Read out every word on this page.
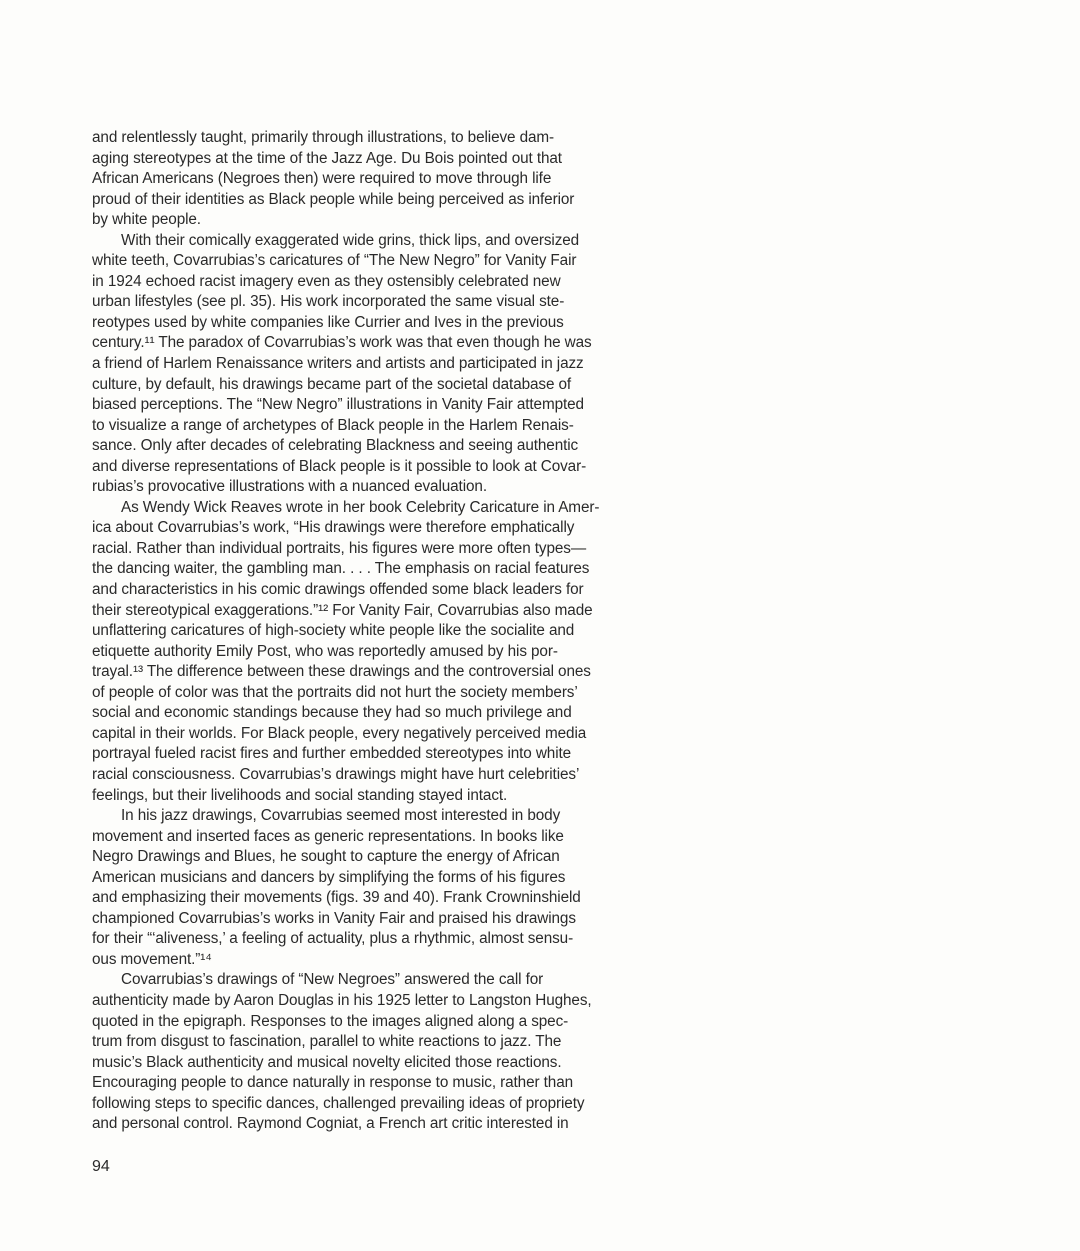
and relentlessly taught, primarily through illustrations, to believe dam-
aging stereotypes at the time of the Jazz Age. Du Bois pointed out that
African Americans (Negroes then) were required to move through life
proud of their identities as Black people while being perceived as inferior
by white people.
With their comically exaggerated wide grins, thick lips, and oversized
white teeth, Covarrubias’s caricatures of “The New Negro” for Vanity Fair
in 1924 echoed racist imagery even as they ostensibly celebrated new
urban lifestyles (see pl. 35). His work incorporated the same visual ste-
reotypes used by white companies like Currier and Ives in the previous
century.¹¹ The paradox of Covarrubias’s work was that even though he was
a friend of Harlem Renaissance writers and artists and participated in jazz
culture, by default, his drawings became part of the societal database of
biased perceptions. The “New Negro” illustrations in Vanity Fair attempted
to visualize a range of archetypes of Black people in the Harlem Renais-
sance. Only after decades of celebrating Blackness and seeing authentic
and diverse representations of Black people is it possible to look at Covar-
rubias’s provocative illustrations with a nuanced evaluation.
As Wendy Wick Reaves wrote in her book Celebrity Caricature in Amer-
ica about Covarrubias’s work, “His drawings were therefore emphatically
racial. Rather than individual portraits, his figures were more often types—
the dancing waiter, the gambling man. . . . The emphasis on racial features
and characteristics in his comic drawings offended some black leaders for
their stereotypical exaggerations.”¹² For Vanity Fair, Covarrubias also made
unflattering caricatures of high-society white people like the socialite and
etiquette authority Emily Post, who was reportedly amused by his por-
trayal.¹³ The difference between these drawings and the controversial ones
of people of color was that the portraits did not hurt the society members’
social and economic standings because they had so much privilege and
capital in their worlds. For Black people, every negatively perceived media
portrayal fueled racist fires and further embedded stereotypes into white
racial consciousness. Covarrubias’s drawings might have hurt celebrities’
feelings, but their livelihoods and social standing stayed intact.
In his jazz drawings, Covarrubias seemed most interested in body
movement and inserted faces as generic representations. In books like
Negro Drawings and Blues, he sought to capture the energy of African
American musicians and dancers by simplifying the forms of his figures
and emphasizing their movements (figs. 39 and 40). Frank Crowninshield
championed Covarrubias’s works in Vanity Fair and praised his drawings
for their “‘aliveness,’ a feeling of actuality, plus a rhythmic, almost sensu-
ous movement.”¹⁴
Covarrubias’s drawings of “New Negroes” answered the call for
authenticity made by Aaron Douglas in his 1925 letter to Langston Hughes,
quoted in the epigraph. Responses to the images aligned along a spec-
trum from disgust to fascination, parallel to white reactions to jazz. The
music’s Black authenticity and musical novelty elicited those reactions.
Encouraging people to dance naturally in response to music, rather than
following steps to specific dances, challenged prevailing ideas of propriety
and personal control. Raymond Cogniat, a French art critic interested in
94
